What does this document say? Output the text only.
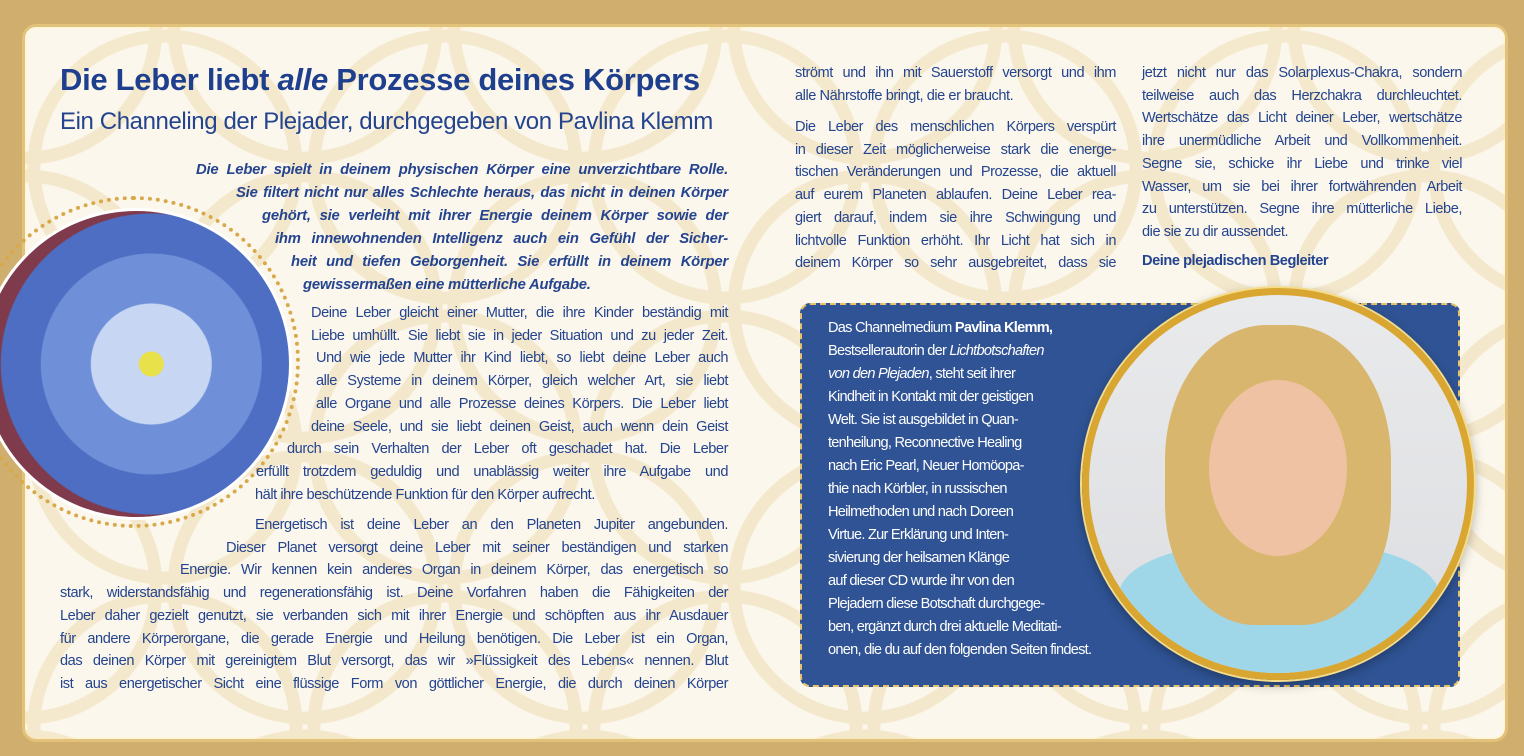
Die Leber liebt alle Prozesse deines Körpers
Ein Channeling der Plejader, durchgegeben von Pavlina Klemm
Die Leber spielt in deinem physischen Körper eine unverzichtbare Rolle.
Sie filtert nicht nur alles Schlechte heraus, das nicht in deinen Körper
gehört, sie verleiht mit ihrer Energie deinem Körper sowie der
ihm innewohnenden Intelligenz auch ein Gefühl der Sicher-
heit und tiefen Geborgenheit. Sie erfüllt in deinem Körper
gewissermaßen eine mütterliche Aufgabe.
Deine Leber gleicht einer Mutter, die ihre Kinder beständig mit
Liebe umhüllt. Sie liebt sie in jeder Situation und zu jeder Zeit.
Und wie jede Mutter ihr Kind liebt, so liebt deine Leber auch
alle Systeme in deinem Körper, gleich welcher Art, sie liebt
alle Organe und alle Prozesse deines Körpers. Die Leber liebt
deine Seele, und sie liebt deinen Geist, auch wenn dein Geist
durch sein Verhalten der Leber oft geschadet hat. Die Leber
erfüllt trotzdem geduldig und unablässig weiter ihre Aufgabe und
hält ihre beschützende Funktion für den Körper aufrecht.
Energetisch ist deine Leber an den Planeten Jupiter angebunden.
Dieser Planet versorgt deine Leber mit seiner beständigen und starken
Energie. Wir kennen kein anderes Organ in deinem Körper, das energetisch so
stark, widerstandsfähig und regenerationsfähig ist. Deine Vorfahren haben die Fähigkeiten der
Leber daher gezielt genutzt, sie verbanden sich mit ihrer Energie und schöpften aus ihr Ausdauer
für andere Körperorgane, die gerade Energie und Heilung benötigen. Die Leber ist ein Organ,
das deinen Körper mit gereinigtem Blut versorgt, das wir »Flüssigkeit des Lebens« nennen. Blut
ist aus energetischer Sicht eine flüssige Form von göttlicher Energie, die durch deinen Körper
strömt und ihn mit Sauerstoff versorgt und ihm
alle Nährstoffe bringt, die er braucht.
Die Leber des menschlichen Körpers verspürt
in dieser Zeit möglicherweise stark die energe-
tischen Veränderungen und Prozesse, die aktuell
auf eurem Planeten ablaufen. Deine Leber rea-
giert darauf, indem sie ihre Schwingung und
lichtvolle Funktion erhöht. Ihr Licht hat sich in
deinem Körper so sehr ausgebreitet, dass sie
jetzt nicht nur das Solarplexus-Chakra, sondern
teilweise auch das Herzchakra durchleuchtet.
Wertschätze das Licht deiner Leber, wertschätze
ihre unermüdliche Arbeit und Vollkommenheit.
Segne sie, schicke ihr Liebe und trinke viel
Wasser, um sie bei ihrer fortwährenden Arbeit
zu unterstützen. Segne ihre mütterliche Liebe,
die sie zu dir aussendet.
Deine plejadischen Begleiter
Das Channelmedium Pavlina Klemm,
Bestsellerautorin der Lichtbotschaften
von den Plejaden, steht seit ihrer
Kindheit in Kontakt mit der geistigen
Welt. Sie ist ausgebildet in Quan-
tenheilung, Reconnective Healing
nach Eric Pearl, Neuer Homöopa-
thie nach Körbler, in russischen
Heilmethoden und nach Doreen
Virtue. Zur Erklärung und Inten-
sivierung der heilsamen Klänge
auf dieser CD wurde ihr von den
Plejadern diese Botschaft durchgege-
ben, ergänzt durch drei aktuelle Meditati-
onen, die du auf den folgenden Seiten findest.
